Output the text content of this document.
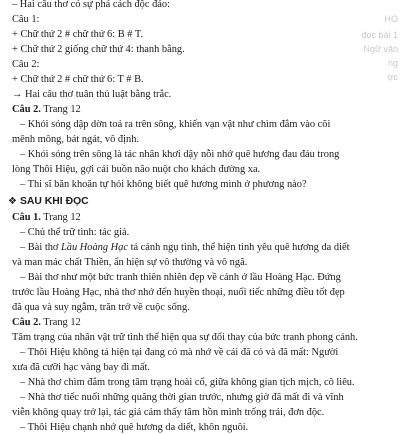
– Hai câu thơ có sự phá cách độc đáo:
Câu 1:
+ Chữ thứ 2 # chữ thứ 6: B # T.
+ Chữ thứ 2 giống chữ thứ 4: thanh bằng.
Câu 2:
+ Chữ thứ 2 # chữ thứ 6: T # B.
→ Hai câu thơ tuân thủ luật bằng trắc.
Câu 2. Trang 12
– Khói sóng dập dờn toả ra trên sông, khiến vạn vật như chìm đắm vào cõi
mênh mông, bát ngát, vô định.
– Khói sóng trên sông là tác nhân khơi dậy nỗi nhớ quê hương đau đáu trong
lòng Thôi Hiệu, gợi cái buồn não nuột cho khách đường xa.
– Thi sĩ băn khoăn tự hỏi không biết quê hương mình ở phương nào?
❖ SAU KHI ĐỌC
Câu 1. Trang 12
– Chủ thể trữ tình: tác giả.
– Bài thơ Lầu Hoàng Hạc tả cảnh ngụ tình, thể hiện tình yêu quê hương da diết
và man mác chất Thiền, ẩn hiện sự vô thường và vô ngã.
– Bài thơ như một bức tranh thiên nhiên đẹp về cảnh ở lầu Hoàng Hạc. Đứng
trước lầu Hoàng Hạc, nhà thơ nhớ đến huyền thoại, nuối tiếc những điều tốt đẹp
đã qua và suy ngẫm, trăn trở về cuộc sống.
Câu 2. Trang 12
Tâm trạng của nhân vật trữ tình thể hiện qua sự đổi thay của bức tranh phong cảnh.
– Thôi Hiệu không tả hiện tại đang có mà nhớ về cái đã có và đã mất: Người
xưa đã cưỡi hạc vàng bay đi mất.
– Nhà thơ chìm đắm trong tâm trạng hoài cổ, giữa không gian tịch mịch, cô liêu.
– Nhà thơ tiếc nuối những quãng thời gian trước, nhưng giờ đã mất đi và vĩnh
viễn không quay trở lại, tác giả cảm thấy tâm hồn mình trống trải, đơn độc.
– Thôi Hiệu chạnh nhớ quê hương da diết, khôn nguôi.
HO
đọc bài 1
Ngữ văn
ng
ợc
